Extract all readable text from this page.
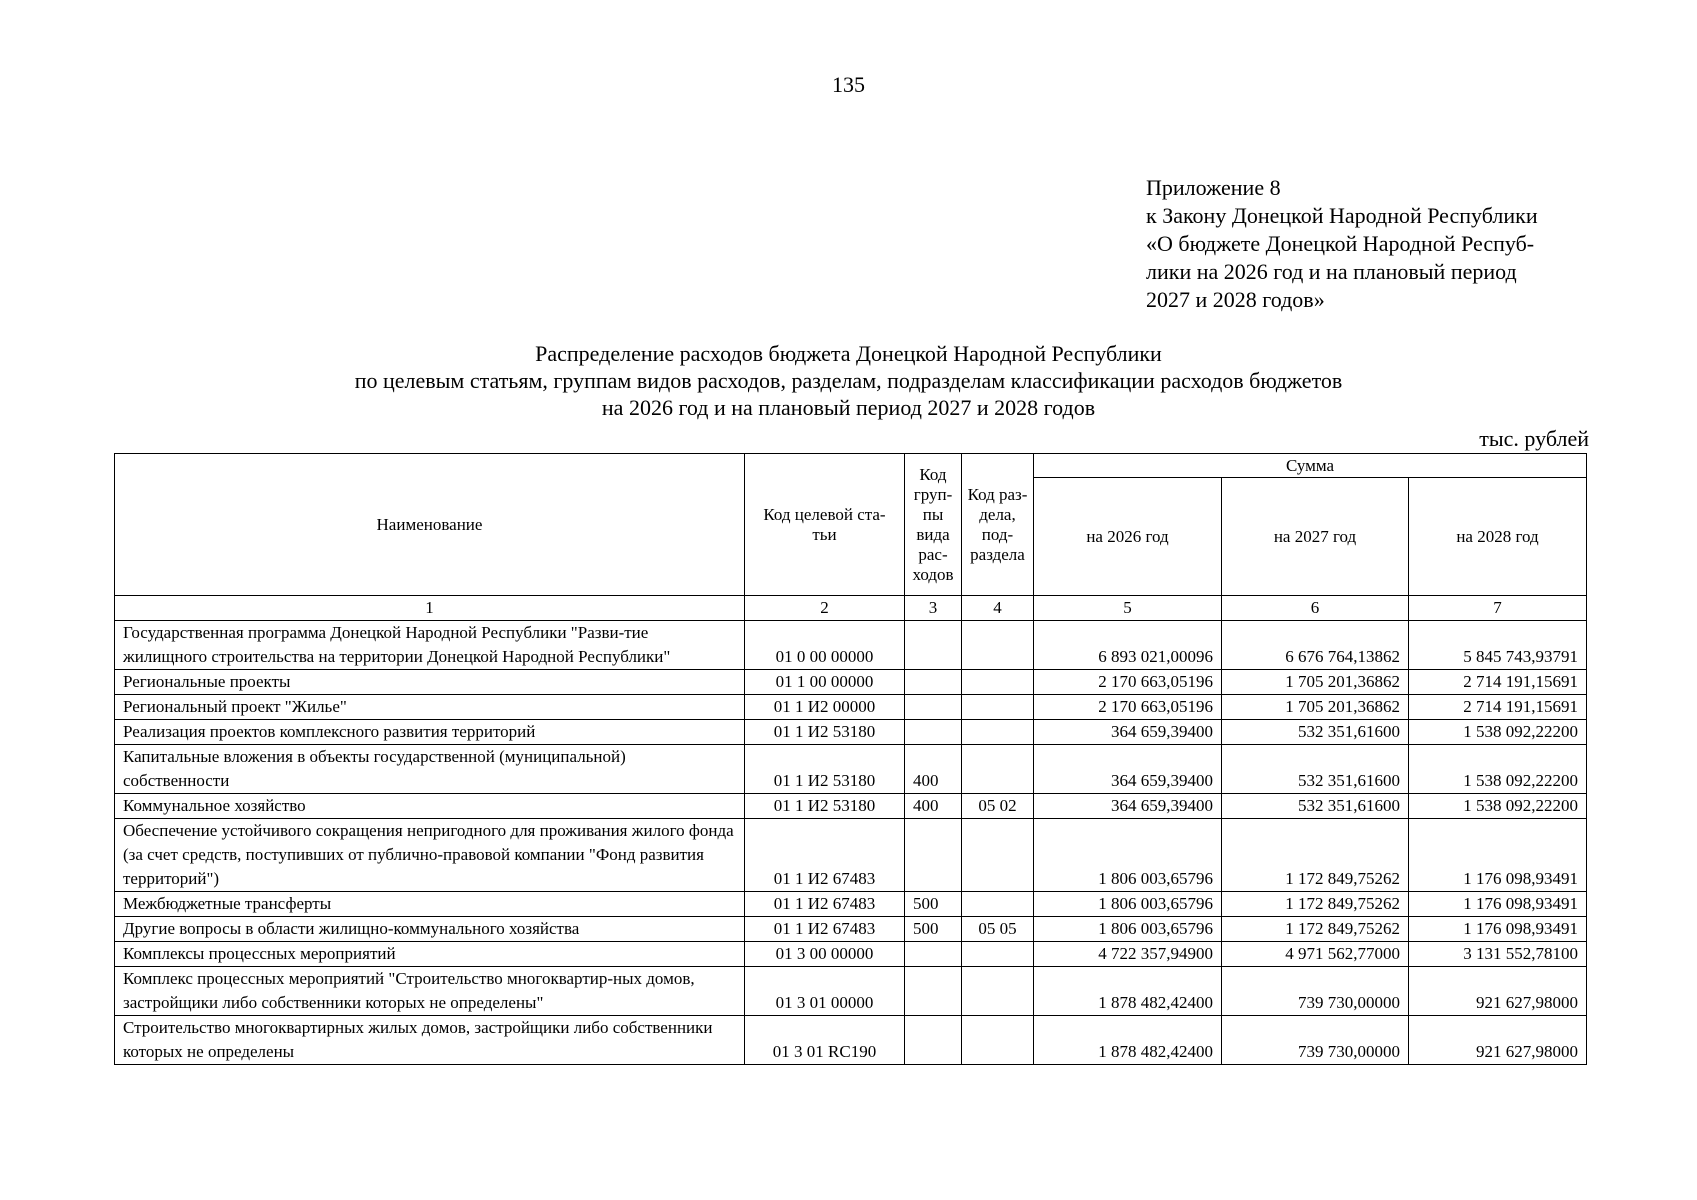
135
Приложение 8
к Закону Донецкой Народной Республики
«О бюджете Донецкой Народной Респуб-
лики на 2026 год и на плановый период
2027 и 2028 годов»
Распределение расходов бюджета Донецкой Народной Республики
по целевым статьям, группам видов расходов, разделам, подразделам классификации расходов бюджетов
на 2026 год и на плановый период 2027 и 2028 годов
тыс. рублей
Наименование	Код целевой ста-тьи	Код груп-пы вида рас-ходов	Код раз-дела, под-раздела	Сумма		
				на 2026 год	на 2027 год	на 2028 год
1	2	3	4	5	6	7
Государственная программа Донецкой Народной Республики "Разви-тие жилищного строительства на территории Донецкой Народной Республики"	01 0 00 00000			6 893 021,00096	6 676 764,13862	5 845 743,93791
Региональные проекты	01 1 00 00000			2 170 663,05196	1 705 201,36862	2 714 191,15691
Региональный проект "Жилье"	01 1 И2 00000			2 170 663,05196	1 705 201,36862	2 714 191,15691
Реализация проектов комплексного развития территорий	01 1 И2 53180			364 659,39400	532 351,61600	1 538 092,22200
Капитальные вложения в объекты государственной (муниципальной) собственности	01 1 И2 53180	400		364 659,39400	532 351,61600	1 538 092,22200
Коммунальное хозяйство	01 1 И2 53180	400	05 02	364 659,39400	532 351,61600	1 538 092,22200
Обеспечение устойчивого сокращения непригодного для проживания жилого фонда (за счет средств, поступивших от публично-правовой компании "Фонд развития территорий")	01 1 И2 67483			1 806 003,65796	1 172 849,75262	1 176 098,93491
Межбюджетные трансферты	01 1 И2 67483	500		1 806 003,65796	1 172 849,75262	1 176 098,93491
Другие вопросы в области жилищно-коммунального хозяйства	01 1 И2 67483	500	05 05	1 806 003,65796	1 172 849,75262	1 176 098,93491
Комплексы процессных мероприятий	01 3 00 00000			4 722 357,94900	4 971 562,77000	3 131 552,78100
Комплекс процессных мероприятий "Строительство многоквартир-ных домов, застройщики либо собственники которых не определены"	01 3 01 00000			1 878 482,42400	739 730,00000	921 627,98000
Строительство многоквартирных жилых домов, застройщики либо собственники которых не определены	01 3 01 RC190			1 878 482,42400	739 730,00000	921 627,98000
